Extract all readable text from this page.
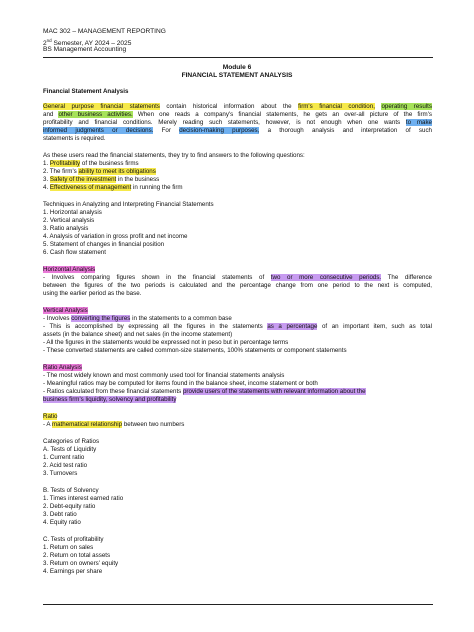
MAC 302 – MANAGEMENT REPORTING
2nd Semester, AY 2024 – 2025
BS Management Accounting
Module 6
FINANCIAL STATEMENT ANALYSIS
Financial Statement Analysis
General purpose financial statements contain historical information about the firm's financial condition, operating results
and other business activities. When one reads a company's financial statements, he gets an over-all picture of the firm's
profitability and financial conditions. Merely reading such statements, however, is not enough when one wants to make
informed judgments or decisions. For decision-making purposes, a thorough analysis and interpretation of such
statements is required.
As these users read the financial statements, they try to find answers to the following questions:
1. Profitability of the business firms
2. The firm's ability to meet its obligations
3. Safety of the investment in the business
4. Effectiveness of management in running the firm
Techniques in Analyzing and Interpreting Financial Statements
1. Horizontal analysis
2. Vertical analysis
3. Ratio analysis
4. Analysis of variation in gross profit and net income
5. Statement of changes in financial position
6. Cash flow statement
Horizontal Analysis
- Involves comparing figures shown in the financial statements of two or more consecutive periods. The difference
between the figures of the two periods is calculated and the percentage change from one period to the next is computed,
using the earlier period as the base.
Vertical Analysis
- Involves converting the figures in the statements to a common base
- This is accomplished by expressing all the figures in the statements as a percentage of an important item, such as total
assets (in the balance sheet) and net sales (in the income statement)
- All the figures in the statements would be expressed not in peso but in percentage terms
- These converted statements are called common-size statements, 100% statements or component statements
Ratio Analysis
- The most widely known and most commonly used tool for financial statements analysis
- Meaningful ratios may be computed for items found in the balance sheet, income statement or both
- Ratios calculated from these financial statements provide users of the statements with relevant information about the
business firm's liquidity, solvency and profitability
Ratio
- A mathematical relationship between two numbers
Categories of Ratios
A. Tests of Liquidity
1. Current ratio
2. Acid test ratio
3. Turnovers
B. Tests of Solvency
1. Times interest earned ratio
2. Debt-equity ratio
3. Debt ratio
4. Equity ratio
C. Tests of profitability
1. Return on sales
2. Return on total assets
3. Return on owners' equity
4. Earnings per share
